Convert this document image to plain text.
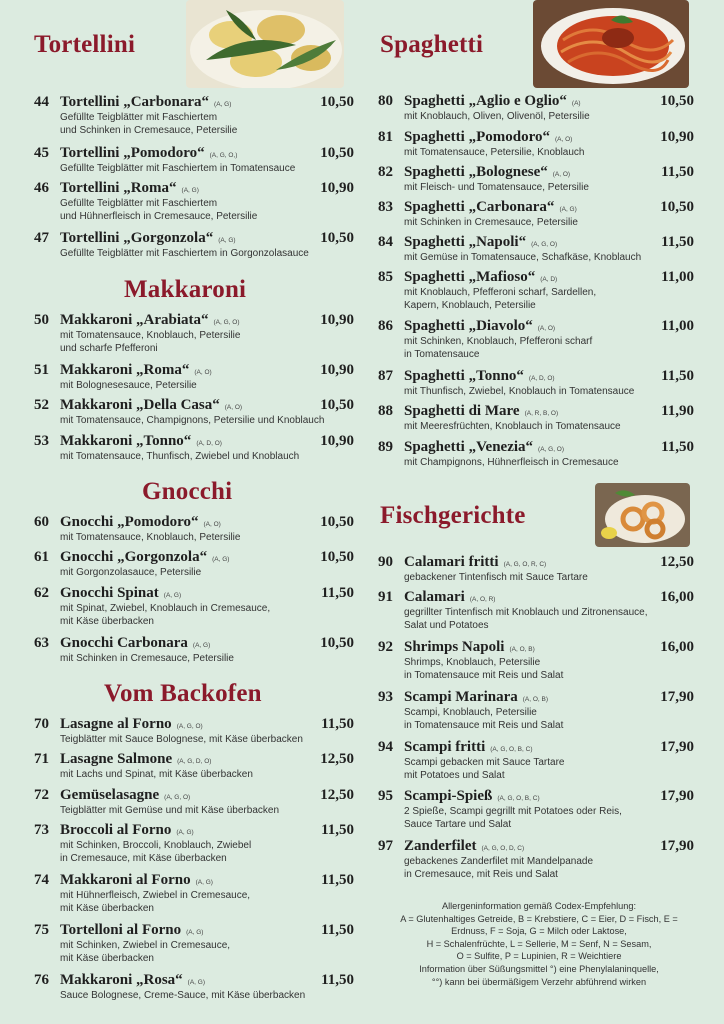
Tortellini
44 Tortellini „Carbonara“ (A, G)	10,50
Gefüllte Teigblätter mit Faschiertem
und Schinken in Cremesauce, Petersilie
45 Tortellini „Pomodoro“ (A, G, O,)	10,50
Gefüllte Teigblätter mit Faschiertem in Tomatensauce
46 Tortellini „Roma“ (A, G)	10,90
Gefüllte Teigblätter mit Faschiertem
und Hühnerfleisch in Cremesauce, Petersilie
47 Tortellini „Gorgonzola“ (A, G)	10,50
Gefüllte Teigblätter mit Faschiertem in Gorgonzolasauce
Makkaroni
50 Makkaroni „Arabiata“ (A, G, O)	10,90
mit Tomatensauce, Knoblauch, Petersilie
und scharfe Pfefferoni
51 Makkaroni „Roma“ (A, O)	10,90
mit Bolognesesauce, Petersilie
52 Makkaroni „Della Casa“ (A, O)	10,50
mit Tomatensauce, Champignons, Petersilie und Knoblauch
53 Makkaroni „Tonno“ (A, D, O)	10,90
mit Tomatensauce, Thunfisch, Zwiebel und Knoblauch
Gnocchi
60 Gnocchi „Pomodoro“ (A, O)	10,50
mit Tomatensauce, Knoblauch, Petersilie
61 Gnocchi „Gorgonzola“ (A, G)	10,50
mit Gorgonzolasauce, Petersilie
62 Gnocchi Spinat (A, G)	11,50
mit Spinat, Zwiebel, Knoblauch in Cremesauce,
mit Käse überbacken
63 Gnocchi Carbonara (A, G)	10,50
mit Schinken in Cremesauce, Petersilie
Vom Backofen
70 Lasagne al Forno (A, G, O)	11,50
Teigblätter mit Sauce Bolognese, mit Käse überbacken
71 Lasagne Salmone (A, G, D, O)	12,50
mit Lachs und Spinat, mit Käse überbacken
72 Gemüselasagne (A, G, O)	12,50
Teigblätter mit Gemüse und mit Käse überbacken
73 Broccoli al Forno (A, G)	11,50
mit Schinken, Broccoli, Knoblauch, Zwiebel
in Cremesauce, mit Käse überbacken
74 Makkaroni al Forno (A, G)	11,50
mit Hühnerfleisch, Zwiebel in Cremesauce,
mit Käse überbacken
75 Tortelloni al Forno (A, G)	11,50
mit Schinken, Zwiebel in Cremesauce,
mit Käse überbacken
76 Makkaroni „Rosa“ (A, G)	11,50
Sauce Bolognese, Creme-Sauce, mit Käse überbacken
Spaghetti
80 Spaghetti „Aglio e Oglio“ (A)	10,50
mit Knoblauch, Oliven, Olivenöl, Petersilie
81 Spaghetti „Pomodoro“ (A, O)	10,90
mit Tomatensauce, Petersilie, Knoblauch
82 Spaghetti „Bolognese“ (A, O)	11,50
mit Fleisch- und Tomatensauce, Petersilie
83 Spaghetti „Carbonara“ (A, G)	10,50
mit Schinken in Cremesauce, Petersilie
84 Spaghetti „Napoli“ (A, G, O)	11,50
mit Gemüse in Tomatensauce, Schafkäse, Knoblauch
85 Spaghetti „Mafioso“ (A, D)	11,00
mit Knoblauch, Pfefferoni scharf, Sardellen,
Kapern, Knoblauch, Petersilie
86 Spaghetti „Diavolo“ (A, O)	11,00
mit Schinken, Knoblauch, Pfefferoni scharf
in Tomatensauce
87 Spaghetti „Tonno“ (A, D, O)	11,50
mit Thunfisch, Zwiebel, Knoblauch in Tomatensauce
88 Spaghetti di Mare (A, R, B, O)	11,90
mit Meeresfrüchten, Knoblauch in Tomatensauce
89 Spaghetti „Venezia“ (A, G, O)	11,50
mit Champignons, Hühnerfleisch in Cremesauce
Fischgerichte
90 Calamari fritti (A, G, O, R, C)	12,50
gebackener Tintenfisch mit Sauce Tartare
91 Calamari (A, O, R)	16,00
gegrillter Tintenfisch mit Knoblauch und Zitronensauce,
Salat und Potatoes
92 Shrimps Napoli (A, O, B)	16,00
Shrimps, Knoblauch, Petersilie
in Tomatensauce mit Reis und Salat
93 Scampi Marinara (A, O, B)	17,90
Scampi, Knoblauch, Petersilie
in Tomatensauce mit Reis und Salat
94 Scampi fritti (A, G, O, B, C)	17,90
Scampi gebacken mit Sauce Tartare
mit Potatoes und Salat
95 Scampi-Spieß (A, G, O, B, C)	17,90
2 Spieße, Scampi gegrillt mit Potatoes oder Reis,
Sauce Tartare und Salat
97 Zanderfilet (A, G, O, D, C)	17,90
gebackenes Zanderfilet mit Mandelpanade
in Cremesauce, mit Reis und Salat
Allergeninformation gemäß Codex-Empfehlung:
A = Glutenhaltiges Getreide, B = Krebstiere, C = Eier, D = Fisch, E =
Erdnuss, F = Soja, G = Milch oder Laktose,
H = Schalenfrüchte, L = Sellerie, M = Senf, N = Sesam,
O = Sulfite, P = Lupinien, R = Weichtiere
Information über Süßungsmittel °) eine Phenylalaninquelle,
°°) kann bei übermäßigem Verzehr abführend wirken
